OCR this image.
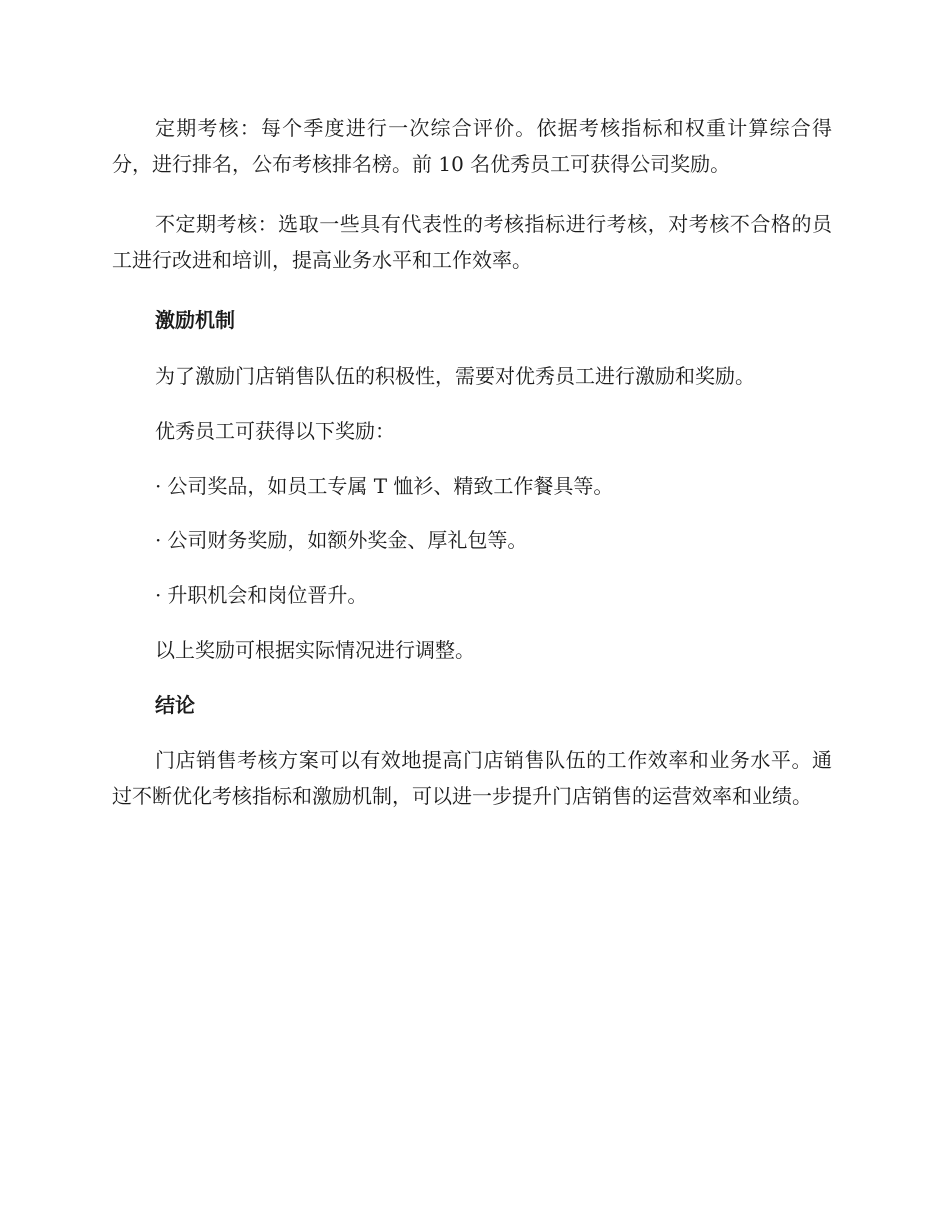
定期考核：每个季度进行一次综合评价。依据考核指标和权重计算综合得分，进行排名，公布考核排名榜。前 10 名优秀员工可获得公司奖励。

不定期考核：选取一些具有代表性的考核指标进行考核，对考核不合格的员工进行改进和培训，提高业务水平和工作效率。

激励机制

为了激励门店销售队伍的积极性，需要对优秀员工进行激励和奖励。

优秀员工可获得以下奖励：

· 公司奖品，如员工专属 T 恤衫、精致工作餐具等。

· 公司财务奖励，如额外奖金、厚礼包等。

· 升职机会和岗位晋升。

以上奖励可根据实际情况进行调整。

结论

门店销售考核方案可以有效地提高门店销售队伍的工作效率和业务水平。通过不断优化考核指标和激励机制，可以进一步提升门店销售的运营效率和业绩。
